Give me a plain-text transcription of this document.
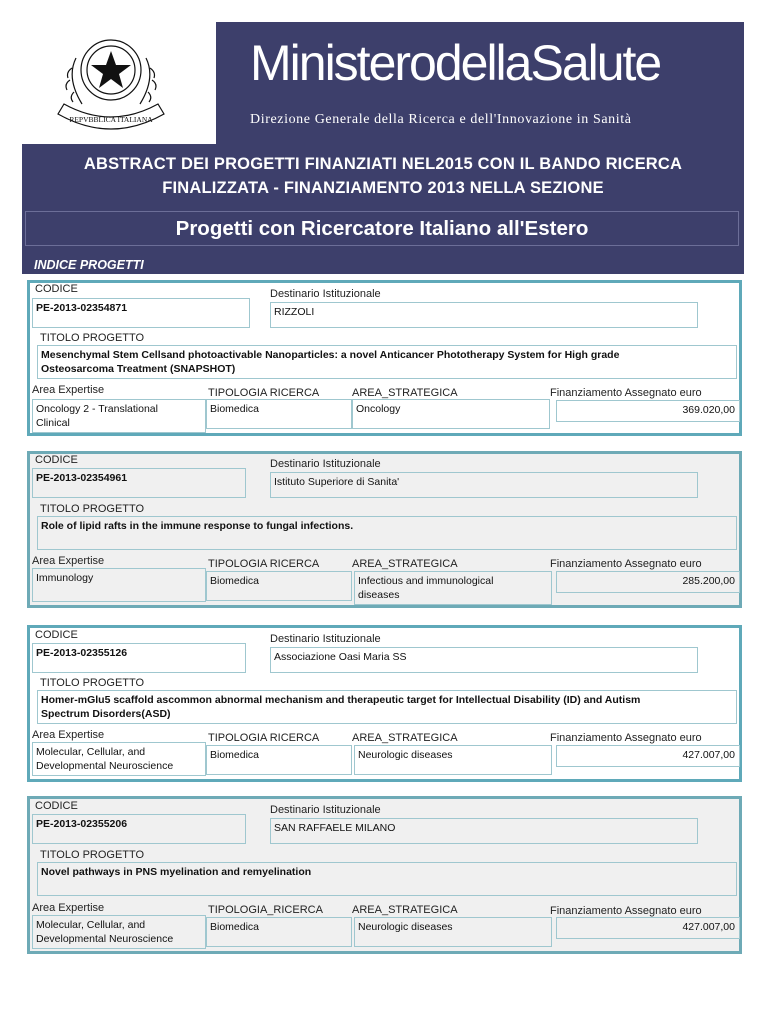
REPVBBLICA ITALIANA
MinisterodellaSalute
Direzione Generale della Ricerca e dell'Innovazione in Sanità
ABSTRACT DEI PROGETTI FINANZIATI NEL2015 CON IL BANDO RICERCA
FINALIZZATA - FINANZIAMENTO 2013 NELLA SEZIONE
Progetti con Ricercatore Italiano all'Estero
INDICE PROGETTI
CODICE
PE-2013-02354871
Destinario Istituzionale
RIZZOLI
TITOLO PROGETTO
Mesenchymal Stem Cellsand photoactivable Nanoparticles: a novel Anticancer Phototherapy System for High grade
Osteosarcoma Treatment (SNAPSHOT)
Area Expertise
Oncology 2 - Translational
Clinical
TIPOLOGIA RICERCA
Biomedica
AREA_STRATEGICA
Oncology
Finanziamento Assegnato euro
369.020,00
CODICE
PE-2013-02354961
Destinario Istituzionale
Istituto Superiore di Sanita'
TITOLO PROGETTO
Role of lipid rafts in the immune response to fungal infections.
Area Expertise
Immunology
TIPOLOGIA RICERCA
Biomedica
AREA_STRATEGICA
Infectious and immunological
diseases
Finanziamento Assegnato euro
285.200,00
CODICE
PE-2013-02355126
Destinario Istituzionale
Associazione Oasi Maria SS
TITOLO PROGETTO
Homer-mGlu5 scaffold ascommon abnormal mechanism and therapeutic target for Intellectual Disability (ID) and Autism
Spectrum Disorders(ASD)
Area Expertise
Molecular, Cellular, and
Developmental Neuroscience
TIPOLOGIA RICERCA
Biomedica
AREA_STRATEGICA
Neurologic diseases
Finanziamento Assegnato euro
427.007,00
CODICE
PE-2013-02355206
Destinario Istituzionale
SAN RAFFAELE MILANO
TITOLO PROGETTO
Novel pathways in PNS myelination and remyelination
Area Expertise
Molecular, Cellular, and
Developmental Neuroscience
TIPOLOGIA_RICERCA
Biomedica
AREA_STRATEGICA
Neurologic diseases
Finanziamento Assegnato euro
427.007,00
